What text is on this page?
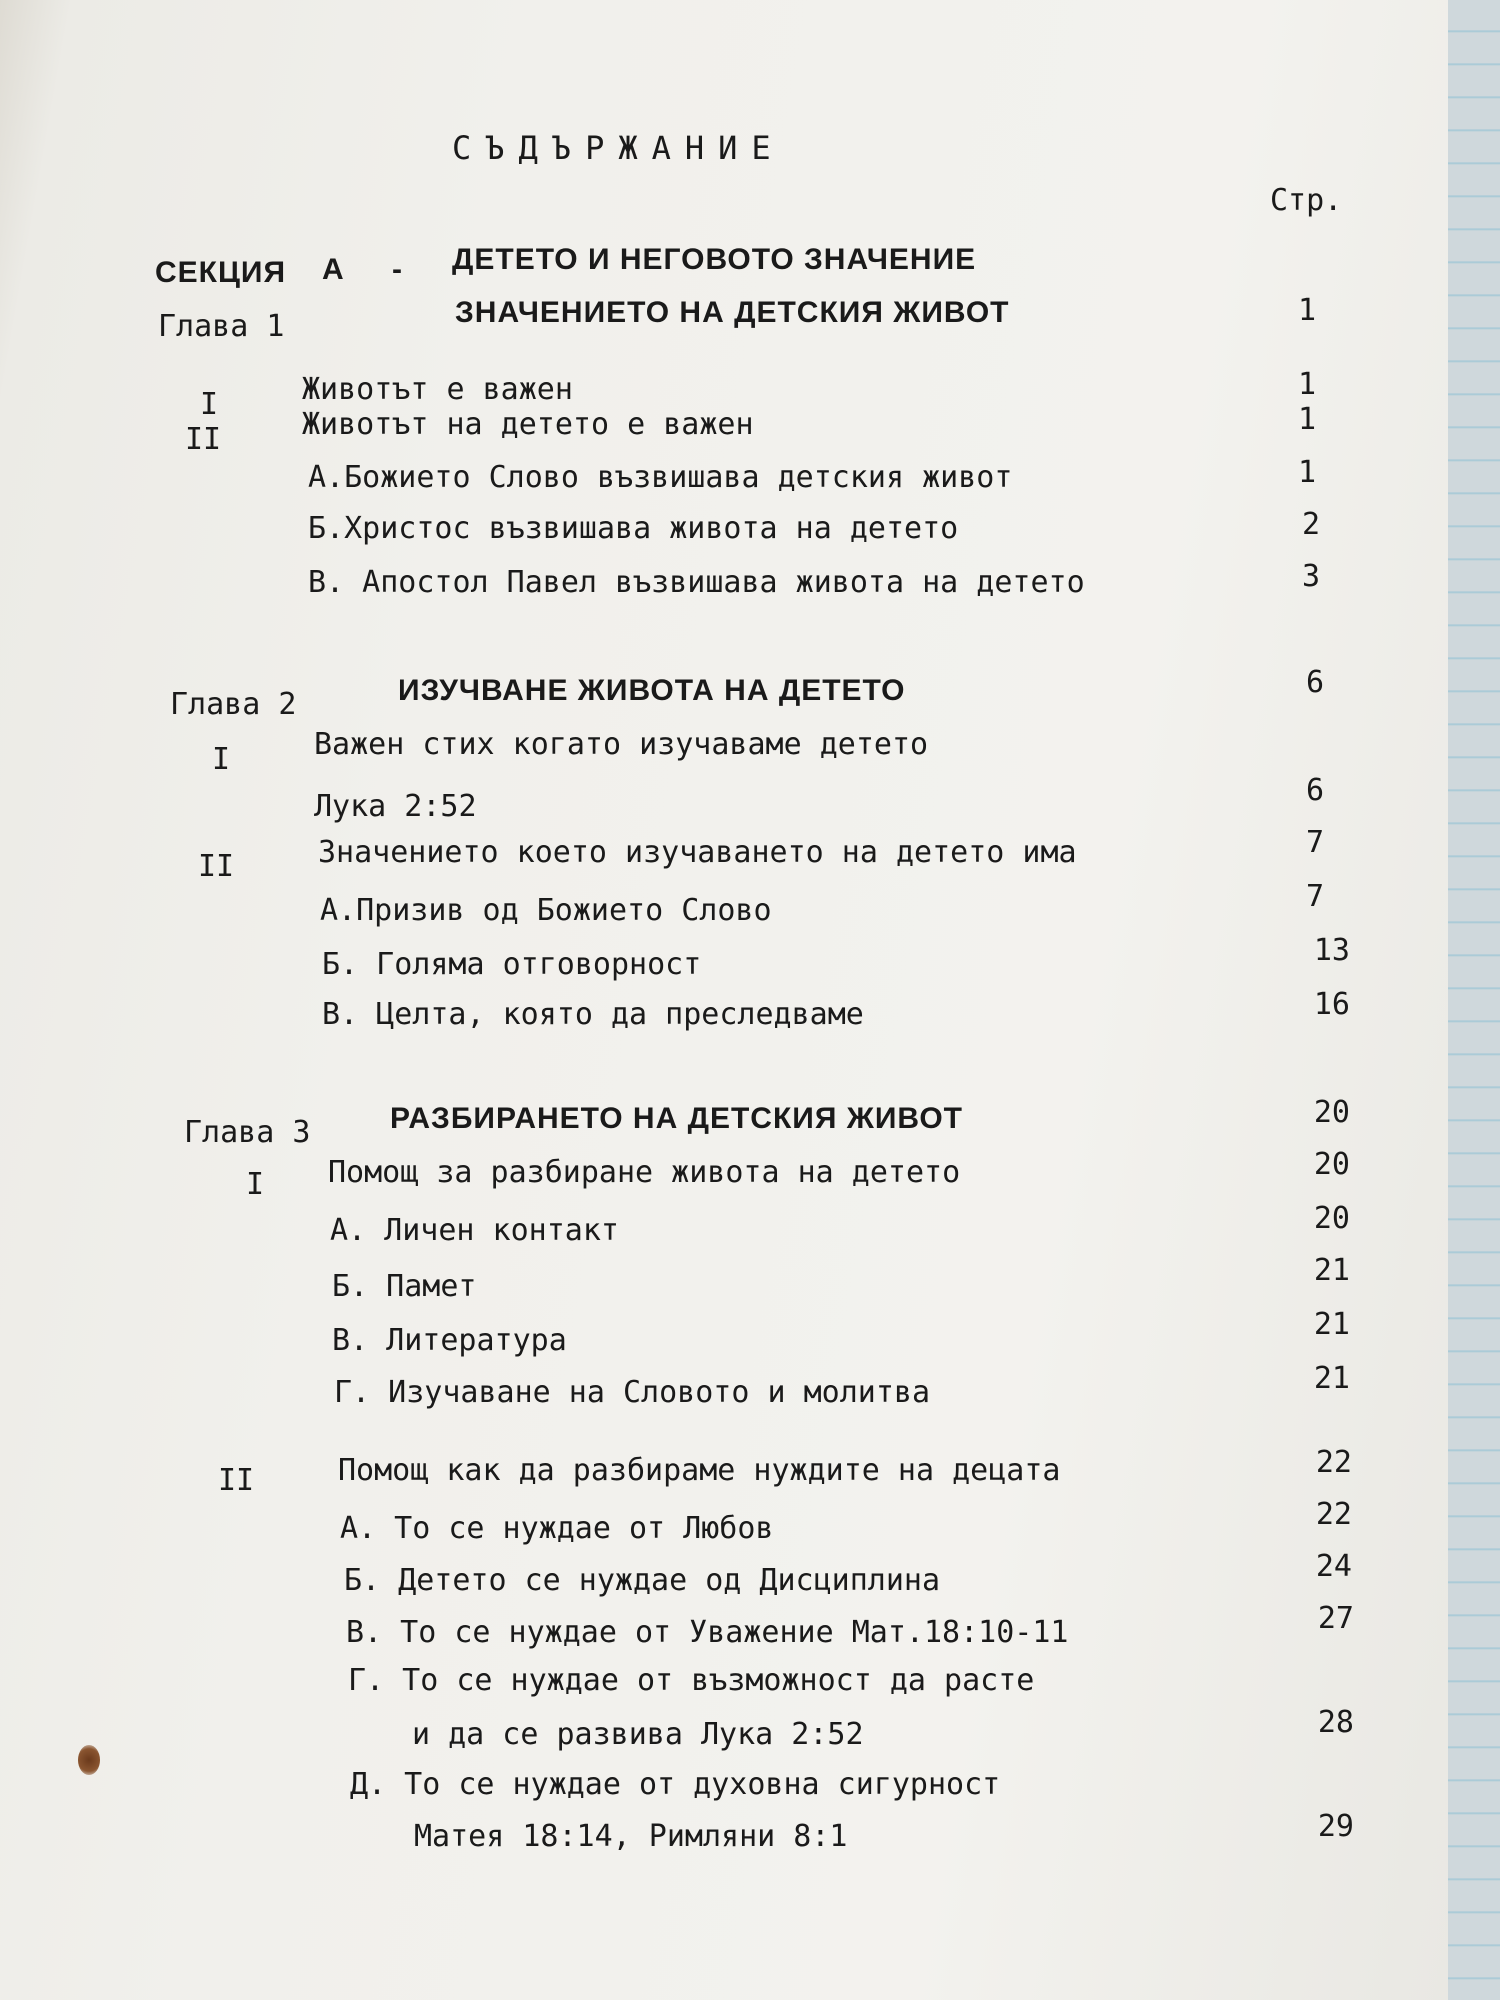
СЪДЪРЖАНИЕ
Стр.
СЕКЦИЯ А - ДЕТЕТО И НЕГОВОТО ЗНАЧЕНИЕ
Глава 1	ЗНАЧЕНИЕТО НА ДЕТСКИЯ ЖИВОТ	1
I	Животът е важен	1
II	Животът на детето е важен	1
А.Божието Слово възвишава детския живот	1
Б.Христос възвишава живота на детето	2
В. Апостол Павел възвишава живота на детето	3
Глава 2	ИЗУЧВАНЕ ЖИВОТА НА ДЕТЕТО	6
I	Важен стих когато изучаваме детето
Лука 2:52	6
II	Значението което изучаването на детето има	7
А.Призив од Божието Слово	7
Б. Голяма отговорност	13
В. Целта, която да преследваме	16
Глава 3	РАЗБИРАНЕТО НА ДЕТСКИЯ ЖИВОТ	20
I Помощ за разбиране живота на детето	20
А. Личен контакт	20
Б. Памет	21
В. Литература	21
Г. Изучаване на Словото и молитва	21
II	Помощ как да разбираме нуждите на децата	22
А. То се нуждае от Любов	22
Б. Детето се нуждае од Дисциплина	24
В. То се нуждае от Уважение Мат.18:10-11	27
Г. То се нуждае от възможност да расте
и да се развива Лука 2:52	28
Д. То се нуждае от духовна сигурност
Матея 18:14, Римляни 8:1	29
